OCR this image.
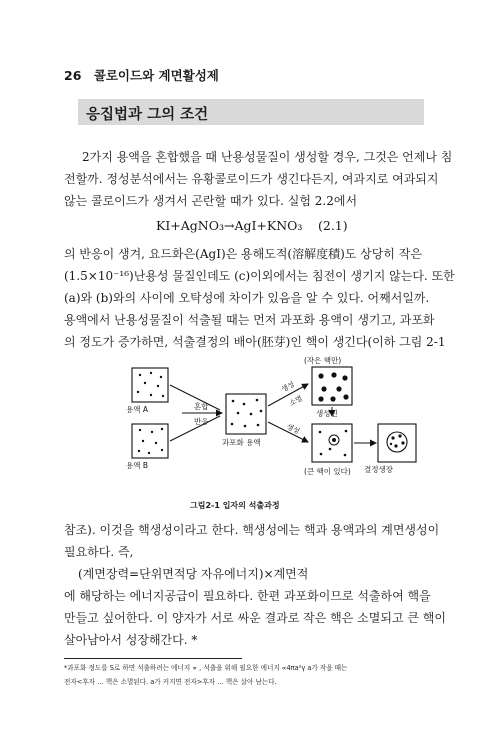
26 콜로이드와 계면활성제
응집법과 그의 조건
2가지 용액을 혼합했을 때 난용성물질이 생성할 경우, 그것은 언제나 침
전할까. 정성분석에서는 유황콜로이드가 생긴다든지, 여과지로 여과되지
않는 콜로이드가 생겨서 곤란할 때가 있다. 실험 2.2에서
KI+AgNO₃→AgI+KNO₃ (2.1)
의 반응이 생겨, 요드화은(AgI)은 용해도적(溶解度積)도 상당히 작은
(1.5×10⁻¹⁶)난용성 물질인데도 (c)이외에서는 침전이 생기지 않는다. 또한
(a)와 (b)와의 사이에 오탁성에 차이가 있음을 알 수 있다. 어째서일까.
용액에서 난용성물질이 석출될 때는 먼저 과포화 용액이 생기고, 과포화
의 정도가 증가하면, 석출결정의 배아(胚芽)인 핵이 생긴다(이하 그림 2-1
용액 A
용액 B
혼합
반응
과포화 용액
생성
소멸
생성
(작은 핵만)
생성진
(큰 핵이 있다) 결정생장
그림2-1 입자의 석출과정
참조). 이것을 핵생성이라고 한다. 핵생성에는 핵과 용액과의 계면생성이
필요하다. 즉,
(계면장력=단위면적당 자유에너지)×계면적
에 해당하는 에너지공급이 필요하다. 한편 과포화이므로 석출하여 핵을
만들고 싶어한다. 이 양자가 서로 싸운 결과로 작은 핵은 소멸되고 큰 핵이
살아남아서 성장해간다. *
*과포화 정도를 S로 하면 석출하려는 에너지 ∝ , 석출을 위해 필요한 에너지 ∝4πa²γ a가 작을 때는
전자<후자 … 핵은 소멸된다. a가 커지면 전자>후자 … 핵은 살아 남는다.
